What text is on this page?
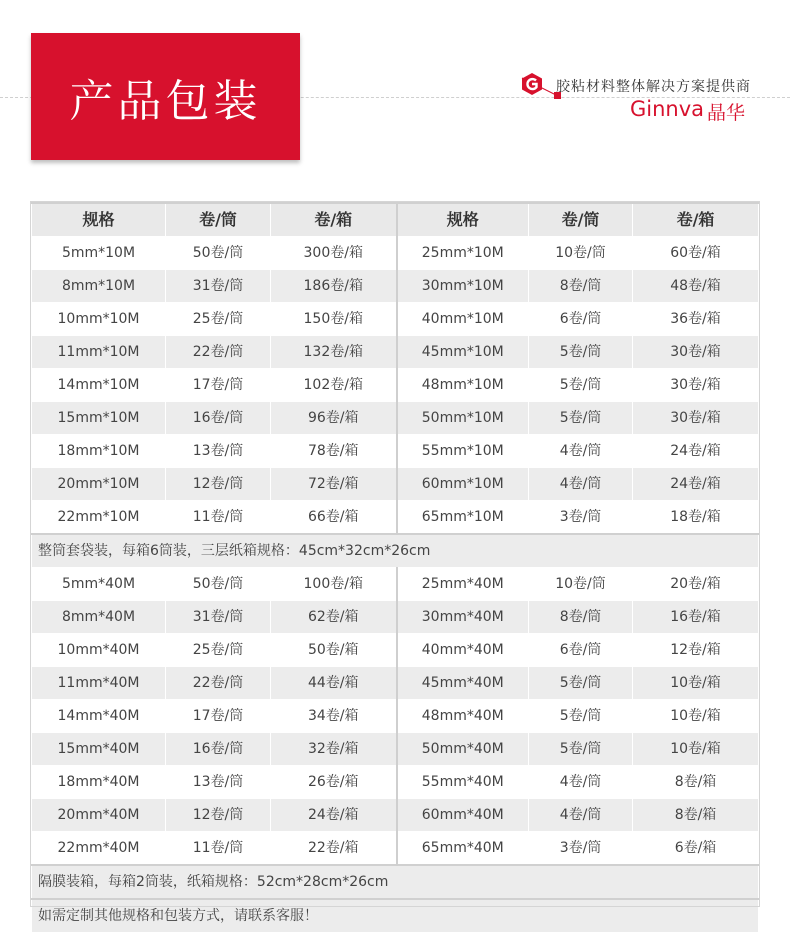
产品包装	胶粘材料整体解决方案提供商
Ginnva 晶华
规格	卷/筒	卷/箱	规格	卷/筒	卷/箱
5mm*10M	50卷/筒	300卷/箱	25mm*10M	10卷/筒	60卷/箱
8mm*10M	31卷/筒	186卷/箱	30mm*10M	8卷/筒	48卷/箱
10mm*10M	25卷/筒	150卷/箱	40mm*10M	6卷/筒	36卷/箱
11mm*10M	22卷/筒	132卷/箱	45mm*10M	5卷/筒	30卷/箱
14mm*10M	17卷/筒	102卷/箱	48mm*10M	5卷/筒	30卷/箱
15mm*10M	16卷/筒	96卷/箱	50mm*10M	5卷/筒	30卷/箱
18mm*10M	13卷/筒	78卷/箱	55mm*10M	4卷/筒	24卷/箱
20mm*10M	12卷/筒	72卷/箱	60mm*10M	4卷/筒	24卷/箱
22mm*10M	11卷/筒	66卷/箱	65mm*10M	3卷/筒	18卷/箱
整筒套袋装，每箱6筒装，三层纸箱规格：45cm*32cm*26cm					
5mm*40M	50卷/筒	100卷/箱	25mm*40M	10卷/筒	20卷/箱
8mm*40M	31卷/筒	62卷/箱	30mm*40M	8卷/筒	16卷/箱
10mm*40M	25卷/筒	50卷/箱	40mm*40M	6卷/筒	12卷/箱
11mm*40M	22卷/筒	44卷/箱	45mm*40M	5卷/筒	10卷/箱
14mm*40M	17卷/筒	34卷/箱	48mm*40M	5卷/筒	10卷/箱
15mm*40M	16卷/筒	32卷/箱	50mm*40M	5卷/筒	10卷/箱
18mm*40M	13卷/筒	26卷/箱	55mm*40M	4卷/筒	8卷/箱
20mm*40M	12卷/筒	24卷/箱	60mm*40M	4卷/筒	8卷/箱
22mm*40M	11卷/筒	22卷/箱	65mm*40M	3卷/筒	6卷/箱
隔膜装箱，每箱2筒装，纸箱规格：52cm*28cm*26cm					
如需定制其他规格和包装方式，请联系客服！					
